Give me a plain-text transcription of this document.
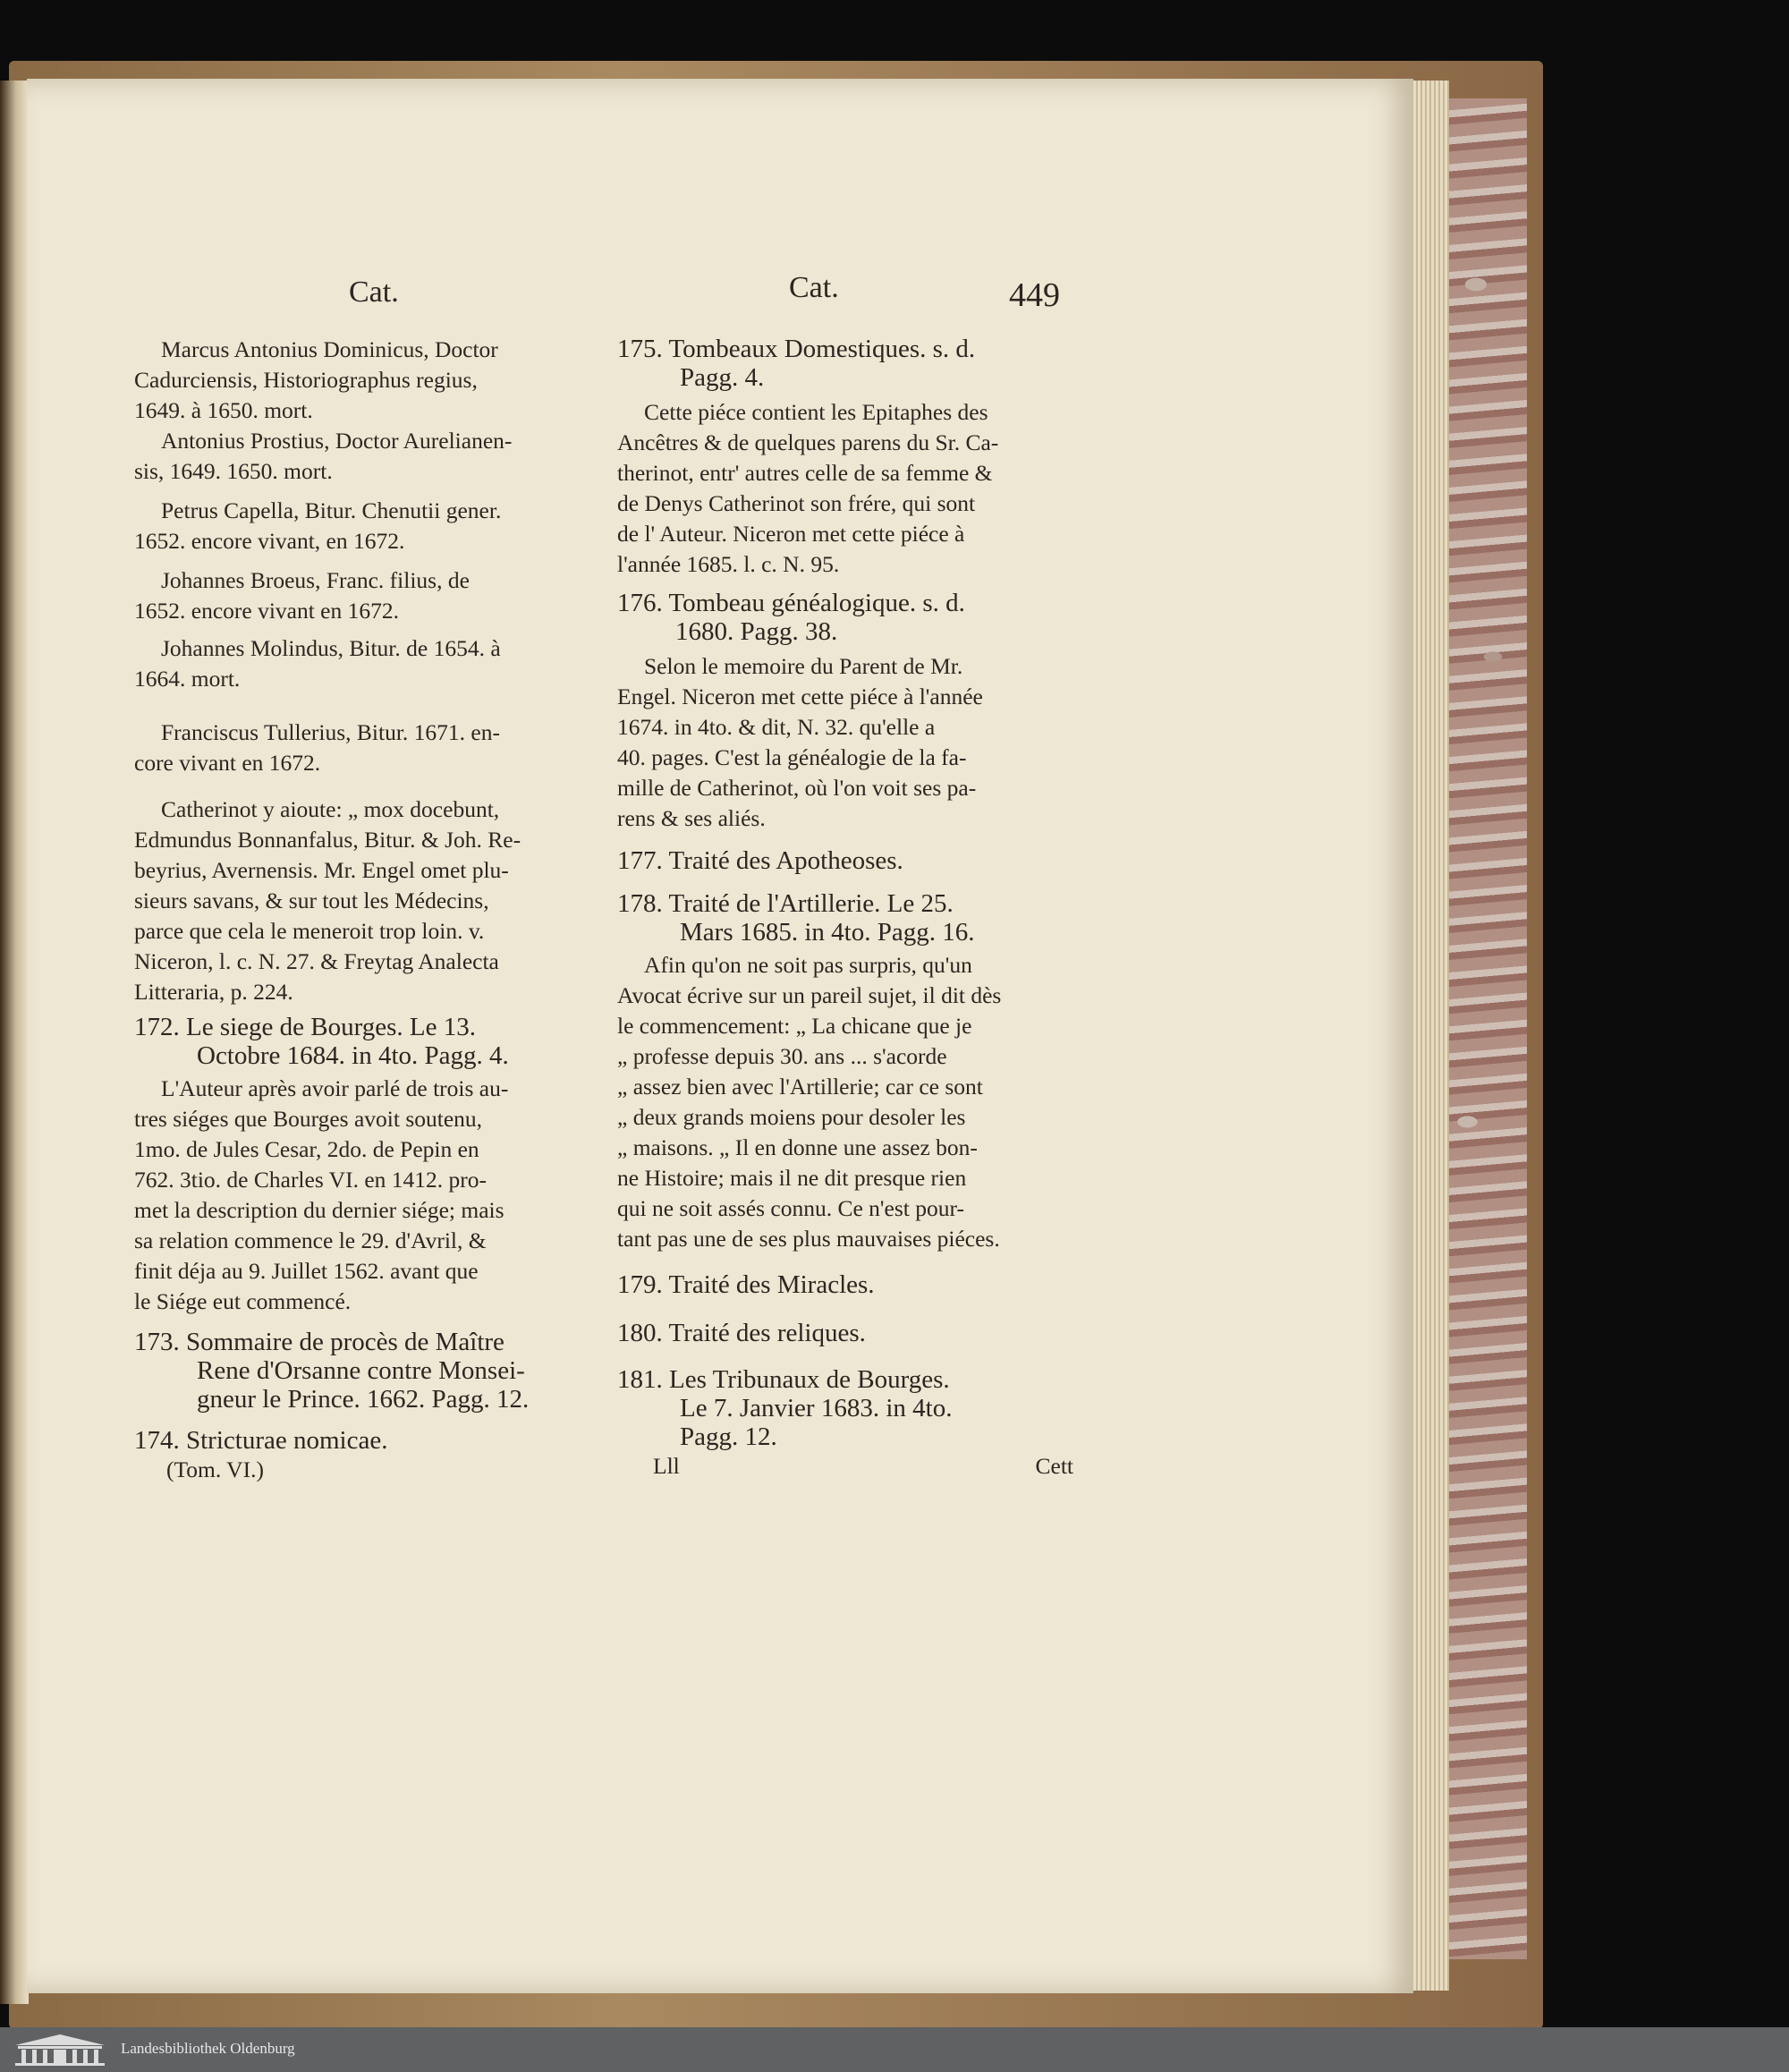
Cat.	Cat.	449
Marcus Antonius Dominicus, Doctor
Cadurciensis, Historiographus regius,
1649. à 1650. mort.
Antonius Prostius, Doctor Aurelianen-
sis, 1649. 1650. mort.
Petrus Capella, Bitur. Chenutii gener.
1652. encore vivant, en 1672.
Johannes Broeus, Franc. filius, de
1652. encore vivant en 1672.
Johannes Molindus, Bitur. de 1654. à
1664. mort.
Franciscus Tullerius, Bitur. 1671. en-
core vivant en 1672.
Catherinot y aioute: „ mox docebunt,
Edmundus Bonnanfalus, Bitur. & Joh. Re-
beyrius, Avernensis. Mr. Engel omet plu-
sieurs savans, & sur tout les Médecins,
parce que cela le meneroit trop loin. v.
Niceron, l. c. N. 27. & Freytag Analecta
Litteraria, p. 224.
172. Le siege de Bourges. Le 13.
Octobre 1684. in 4to. Pagg. 4.
L'Auteur après avoir parlé de trois au-
tres siéges que Bourges avoit soutenu,
1mo. de Jules Cesar, 2do. de Pepin en
762. 3tio. de Charles VI. en 1412. pro-
met la description du dernier siége; mais
sa relation commence le 29. d'Avril, &
finit déja au 9. Juillet 1562. avant que
le Siége eut commencé.
173. Sommaire de procès de Maître
Rene d'Orsanne contre Monsei-
gneur le Prince. 1662. Pagg. 12.
174. Stricturae nomicae.
(Tom. VI.)
175. Tombeaux Domestiques. s. d.
Pagg. 4.
Cette piéce contient les Epitaphes des
Ancêtres & de quelques parens du Sr. Ca-
therinot, entr' autres celle de sa femme &
de Denys Catherinot son frére, qui sont
de l' Auteur. Niceron met cette piéce à
l'année 1685. l. c. N. 95.
176. Tombeau généalogique. s. d.
1680. Pagg. 38.
Selon le memoire du Parent de Mr.
Engel. Niceron met cette piéce à l'année
1674. in 4to. & dit, N. 32. qu'elle a
40. pages. C'est la généalogie de la fa-
mille de Catherinot, où l'on voit ses pa-
rens & ses aliés.
177. Traité des Apotheoses.
178. Traité de l'Artillerie. Le 25.
Mars 1685. in 4to. Pagg. 16.
Afin qu'on ne soit pas surpris, qu'un
Avocat écrive sur un pareil sujet, il dit dès
le commencement: „ La chicane que je
„ professe depuis 30. ans ... s'acorde
„ assez bien avec l'Artillerie; car ce sont
„ deux grands moiens pour desoler les
„ maisons. „ Il en donne une assez bon-
ne Histoire; mais il ne dit presque rien
qui ne soit assés connu. Ce n'est pour-
tant pas une de ses plus mauvaises piéces.
179. Traité des Miracles.
180. Traité des reliques.
181. Les Tribunaux de Bourges.
Le 7. Janvier 1683. in 4to.
Pagg. 12.
Lll	Cett
Landesbibliothek Oldenburg
